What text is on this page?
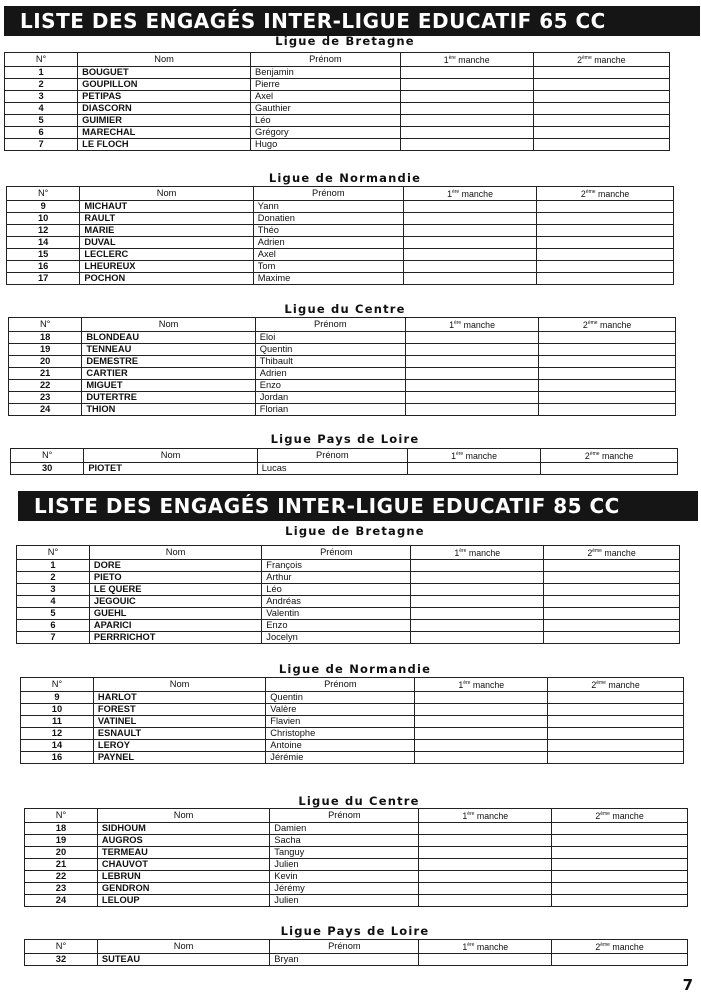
LISTE DES ENGAGÉS INTER-LIGUE EDUCATIF 65 CC
Ligue de Bretagne
N°	Nom	Prénom	1ère manche	2ème manche
1	BOUGUET	Benjamin		
2	GOUPILLON	Pierre		
3	PETIPAS	Axel		
4	DIASCORN	Gauthier		
5	GUIMIER	Léo		
6	MARECHAL	Grégory		
7	LE FLOCH	Hugo		
Ligue de Normandie
N°	Nom	Prénom	1ère manche	2ème manche
9	MICHAUT	Yann		
10	RAULT	Donatien		
12	MARIE	Théo		
14	DUVAL	Adrien		
15	LECLERC	Axel		
16	LHEUREUX	Tom		
17	POCHON	Maxime		
Ligue du Centre
N°	Nom	Prénom	1ère manche	2ème manche
18	BLONDEAU	Eloi		
19	TENNEAU	Quentin		
20	DEMESTRE	Thibault		
21	CARTIER	Adrien		
22	MIGUET	Enzo		
23	DUTERTRE	Jordan		
24	THION	Florian		
Ligue Pays de Loire
N°	Nom	Prénom	1ère manche	2ème manche
30	PIOTET	Lucas		
LISTE DES ENGAGÉS INTER-LIGUE EDUCATIF 85 CC
Ligue de Bretagne
N°	Nom	Prénom	1ère manche	2ème manche
1	DORE	François		
2	PIETO	Arthur		
3	LE QUERE	Léo		
4	JEGOUIC	Andréas		
5	GUEHL	Valentin		
6	APARICI	Enzo		
7	PERRRICHOT	Jocelyn		
Ligue de Normandie
N°	Nom	Prénom	1ère manche	2ème manche
9	HARLOT	Quentin		
10	FOREST	Valère		
11	VATINEL	Flavien		
12	ESNAULT	Christophe		
14	LEROY	Antoine		
16	PAYNEL	Jérémie		
Ligue du Centre
N°	Nom	Prénom	1ère manche	2ème manche
18	SIDHOUM	Damien		
19	AUGROS	Sacha		
20	TERMEAU	Tanguy		
21	CHAUVOT	Julien		
22	LEBRUN	Kevin		
23	GENDRON	Jérémy		
24	LELOUP	Julien		
Ligue Pays de Loire
N°	Nom	Prénom	1ère manche	2ème manche
32	SUTEAU	Bryan		
7
